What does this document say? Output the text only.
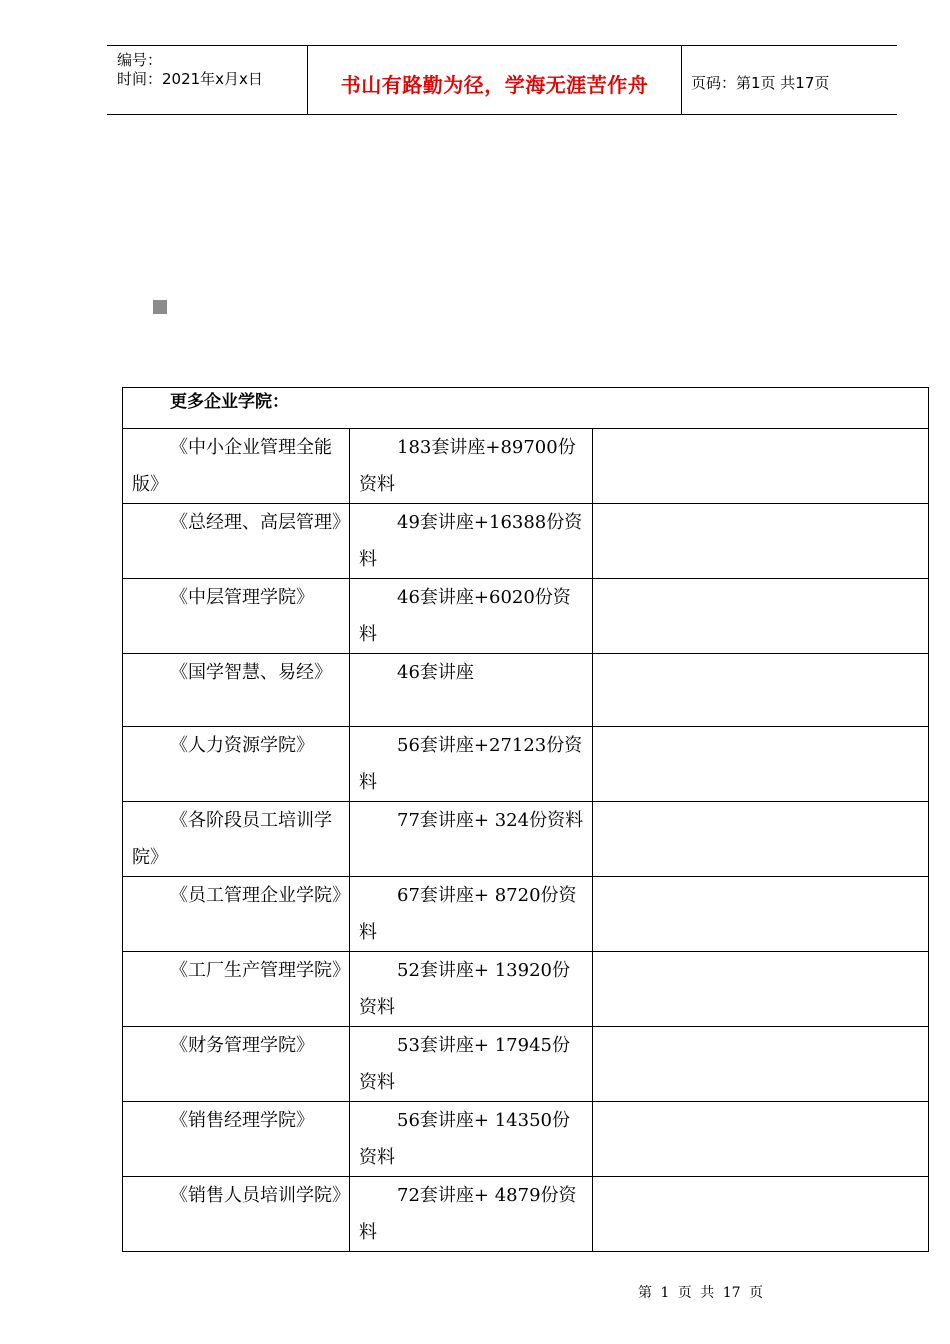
编号：
时间：2021年x月x日	书山有路勤为径，学海无涯苦作舟	页码：第1页 共17页
更多企业学院：		

《中小企业管理全能版》	183套讲座+89700份资料	

《总经理、高层管理》	49套讲座+16388份资料	

《中层管理学院》	46套讲座+6020份资料	

《国学智慧、易经》	46套讲座	

《人力资源学院》	56套讲座+27123份资料	

《各阶段员工培训学院》	77套讲座+ 324份资料	

《员工管理企业学院》	67套讲座+ 8720份资料	

《工厂生产管理学院》	52套讲座+ 13920份资料	

《财务管理学院》	53套讲座+ 17945份资料	

《销售经理学院》	56套讲座+ 14350份资料	

《销售人员培训学院》	72套讲座+ 4879份资料	

第 1 页 共 17 页
